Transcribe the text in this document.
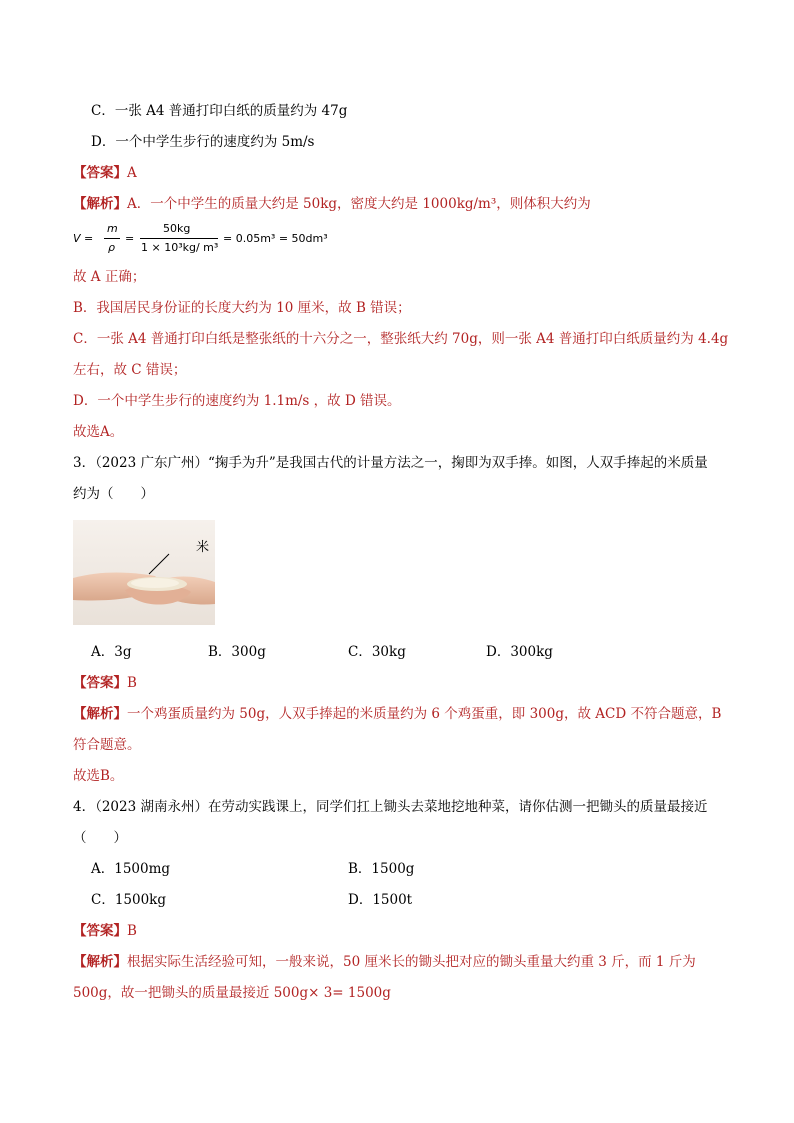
C．一张 A4 普通打印白纸的质量约为 47g
D．一个中学生步行的速度约为 5m/s
【答案】A
【解析】A．一个中学生的质量大约是 50kg，密度大约是 1000kg/m³，则体积大约为
V =
m
ρ
=
50kg
1 × 10³kg/ m³
= 0.05m³ = 50dm³
故 A 正确；
B．我国居民身份证的长度大约为 10 厘米，故 B 错误；
C．一张 A4 普通打印白纸是整张纸的十六分之一，整张纸大约 70g，则一张 A4 普通打印白纸质量约为 4.4g
左右，故 C 错误；
D．一个中学生步行的速度约为 1.1m/s ，故 D 错误。
故选A。
3．（2023 广东广州）“掬手为升”是我国古代的计量方法之一，掬即为双手捧。如图，人双手捧起的米质量
约为（　　）
米
A．3g	B．300g	C．30kg	D．300kg
【答案】B
【解析】一个鸡蛋质量约为 50g，人双手捧起的米质量约为 6 个鸡蛋重，即 300g，故 ACD 不符合题意，B
符合题意。
故选B。
4．（2023 湖南永州）在劳动实践课上，同学们扛上锄头去菜地挖地种菜，请你估测一把锄头的质量最接近
（　　）
A．1500mg	B．1500g
C．1500kg	D．1500t
【答案】B
【解析】根据实际生活经验可知，一般来说，50 厘米长的锄头把对应的锄头重量大约重 3 斤，而 1 斤为
500g，故一把锄头的质量最接近 500g× 3= 1500g
